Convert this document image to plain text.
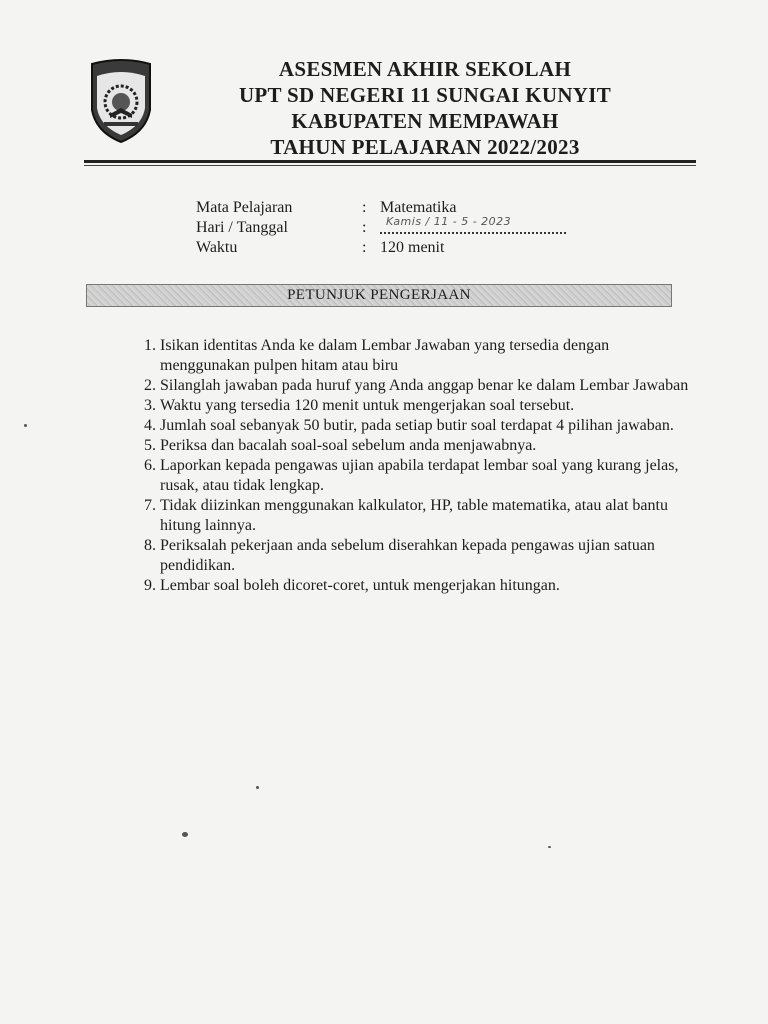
ASESMEN AKHIR SEKOLAH
UPT SD NEGERI 11 SUNGAI KUNYIT
KABUPATEN MEMPAWAH
TAHUN PELAJARAN 2022/2023
Mata Pelajaran	: Matematika
Hari / Tanggal	: Kamis / 11 - 5 - 2023
Waktu	: 120 menit
PETUNJUK PENGERJAAN
1. Isikan identitas Anda ke dalam Lembar Jawaban yang tersedia dengan menggunakan pulpen hitam atau biru
2. Silanglah jawaban pada huruf yang Anda anggap benar ke dalam Lembar Jawaban
3. Waktu yang tersedia 120 menit untuk mengerjakan soal tersebut.
4. Jumlah soal sebanyak 50 butir, pada setiap butir soal terdapat 4 pilihan jawaban.
5. Periksa dan bacalah soal-soal sebelum anda menjawabnya.
6. Laporkan kepada pengawas ujian apabila terdapat lembar soal yang kurang jelas, rusak, atau tidak lengkap.
7. Tidak diizinkan menggunakan kalkulator, HP, table matematika, atau alat bantu hitung lainnya.
8. Periksalah pekerjaan anda sebelum diserahkan kepada pengawas ujian satuan pendidikan.
9. Lembar soal boleh dicoret-coret, untuk mengerjakan hitungan.
